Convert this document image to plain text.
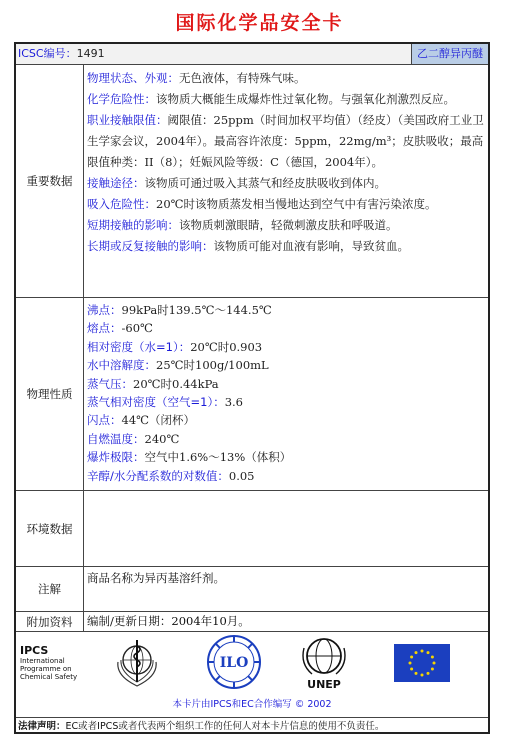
国际化学品安全卡
ICSC编号：1491	乙二醇异丙醚
重要数据
物理状态、外观：无色液体，有特殊气味。
化学危险性：该物质大概能生成爆炸性过氧化物。与强氧化剂激烈反应。
职业接触限值：阈限值：25ppm（时间加权平均值）（经皮）（美国政府工业卫生学家会议，2004年）。最高容许浓度：5ppm，22mg/m³；皮肤吸收；最高限值种类：II（8）；妊娠风险等级：C（德国，2004年）。
接触途径：该物质可通过吸入其蒸气和经皮肤吸收到体内。
吸入危险性：20℃时该物质蒸发相当慢地达到空气中有害污染浓度。
短期接触的影响：该物质刺激眼睛，轻微刺激皮肤和呼吸道。
长期或反复接触的影响：该物质可能对血液有影响，导致贫血。
物理性质
沸点：99kPa时139.5℃～144.5℃
熔点：-60℃
相对密度（水=1）：20℃时0.903
水中溶解度：25℃时100g/100mL
蒸气压：20℃时0.44kPa
蒸气相对密度（空气=1）：3.6
闪点：44℃（闭杯）
自燃温度：240℃
爆炸极限：空气中1.6%～13%（体积）
辛醇/水分配系数的对数值：0.05
环境数据
注解
商品名称为异丙基溶纤剂。
附加资料	编制/更新日期：2004年10月。
IPCS
International
Programme on
Chemical Safety
ILO
UNEP
本卡片由IPCS和EC合作编写 © 2002
法律声明：EC或者IPCS或者代表两个组织工作的任何人对本卡片信息的使用不负责任。
